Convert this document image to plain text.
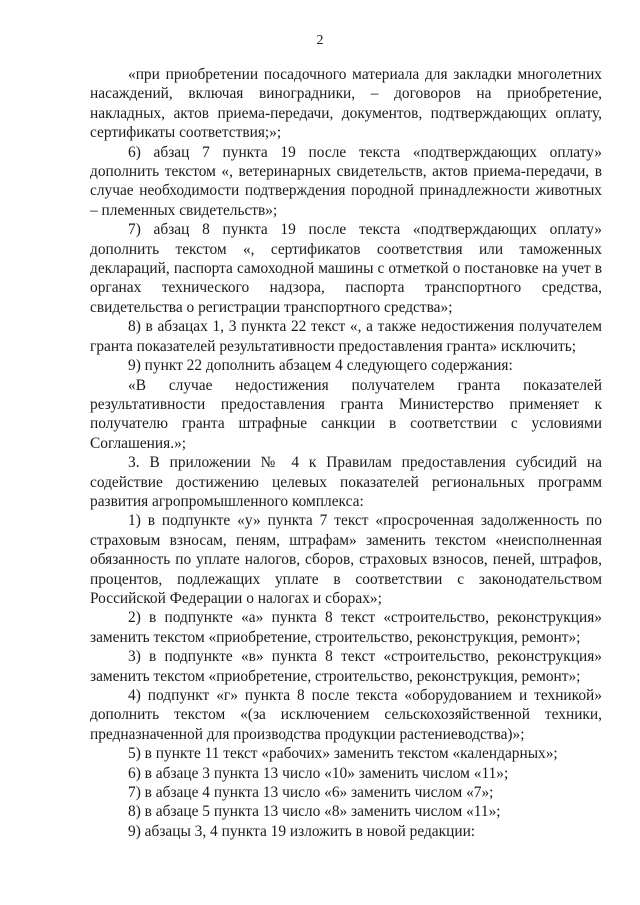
2

«при приобретении посадочного материала для закладки многолетних насаждений, включая виноградники, – договоров на приобретение, накладных, актов приема-передачи, документов, подтверждающих оплату, сертификаты соответствия;»;

6) абзац 7 пункта 19 после текста «подтверждающих оплату» дополнить текстом «, ветеринарных свидетельств, актов приема-передачи, в случае необходимости подтверждения породной принадлежности животных – племенных свидетельств»;

7) абзац 8 пункта 19 после текста «подтверждающих оплату» дополнить текстом «, сертификатов соответствия или таможенных деклараций, паспорта самоходной машины с отметкой о постановке на учет в органах технического надзора, паспорта транспортного средства, свидетельства о регистрации транспортного средства»;

8) в абзацах 1, 3 пункта 22 текст «, а также недостижения получателем гранта показателей результативности предоставления гранта» исключить;

9) пункт 22 дополнить абзацем 4 следующего содержания:

«В случае недостижения получателем гранта показателей результативности предоставления гранта Министерство применяет к получателю гранта штрафные санкции в соответствии с условиями Соглашения.»;

3. В приложении № 4 к Правилам предоставления субсидий на содействие достижению целевых показателей региональных программ развития агропромышленного комплекса:

1) в подпункте «у» пункта 7 текст «просроченная задолженность по страховым взносам, пеням, штрафам» заменить текстом «неисполненная обязанность по уплате налогов, сборов, страховых взносов, пеней, штрафов, процентов, подлежащих уплате в соответствии с законодательством Российской Федерации о налогах и сборах»;

2) в подпункте «а» пункта 8 текст «строительство, реконструкция» заменить текстом «приобретение, строительство, реконструкция, ремонт»;

3) в подпункте «в» пункта 8 текст «строительство, реконструкция» заменить текстом «приобретение, строительство, реконструкция, ремонт»;

4) подпункт «г» пункта 8 после текста «оборудованием и техникой» дополнить текстом «(за исключением сельскохозяйственной техники, предназначенной для производства продукции растениеводства)»;

5) в пункте 11 текст «рабочих» заменить текстом «календарных»;

6) в абзаце 3 пункта 13 число «10» заменить числом «11»;

7) в абзаце 4 пункта 13 число «6» заменить числом «7»;

8) в абзаце 5 пункта 13 число «8» заменить числом «11»;

9) абзацы 3, 4 пункта 19 изложить в новой редакции:
